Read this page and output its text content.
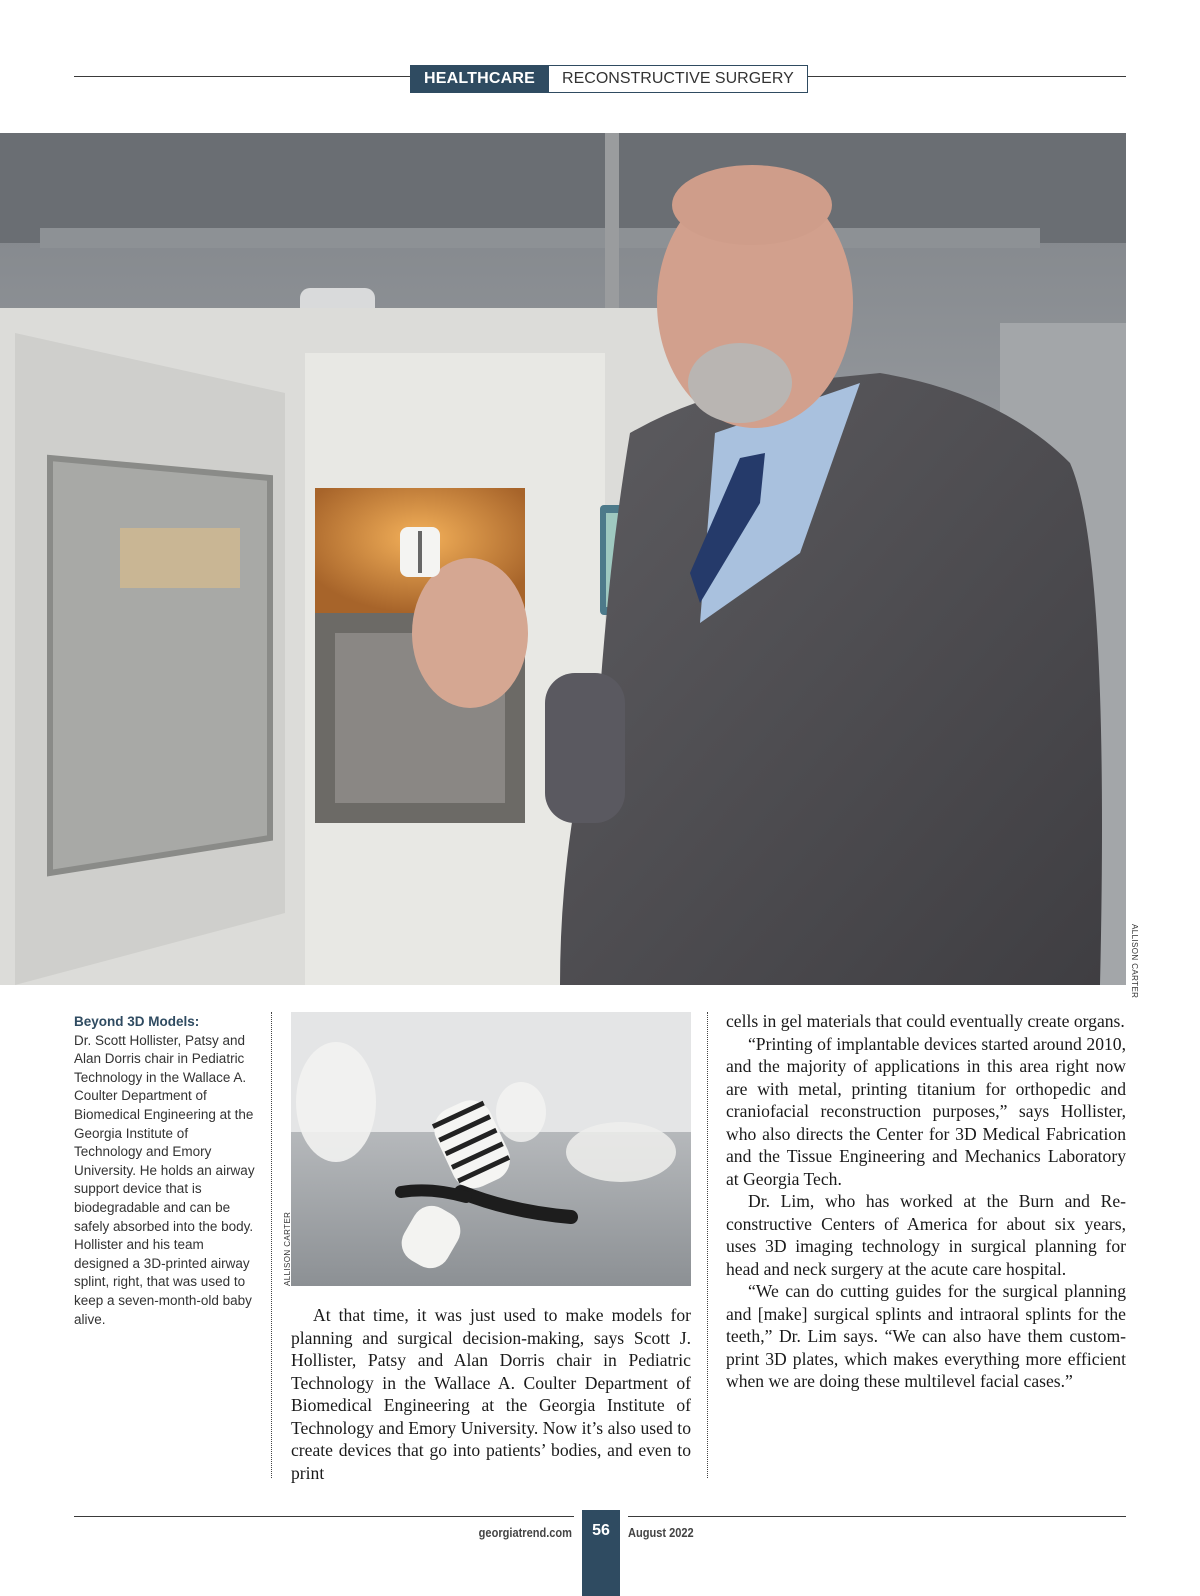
HEALTHCARE	RECONSTRUCTIVE SURGERY
ALLISON CARTER
Beyond 3D Models:
Dr. Scott Hollister, Patsy and Alan Dorris chair in Pediatric Technology in the Wallace A. Coulter Department of Biomedical Engineering at the Georgia Institute of Technology and Emory University. He holds an airway support device that is biodegradable and can be safely absorbed into the body. Hollister and his team designed a 3D-printed airway splint, right, that was used to keep a seven-month-old baby alive.
ALLISON CARTER

At that time, it was just used to make models for planning and surgical decision-making, says Scott J. Hollister, Patsy and Alan Dorris chair in Pediatric Technology in the Wallace A. Coulter Department of Biomedical Engineering at the Georgia Institute of Technology and Emory University. Now it’s also used to create devices that go into patients’ bodies, and even to print

cells in gel materials that could eventually create organs.

“Printing of implantable devices started around 2010, and the majority of applications in this area right now are with metal, printing titanium for orthopedic and craniofacial reconstruction purposes,” says Hollister, who also directs the Center for 3D Medical Fabrication and the Tissue Engineering and Mechanics Laboratory at Georgia Tech.

Dr. Lim, who has worked at the Burn and Reconstructive Centers of America for about six years, uses 3D imaging technology in surgical planning for head and neck surgery at the acute care hospital.

“We can do cutting guides for the surgical planning and [make] surgical splints and intraoral splints for the teeth,” Dr. Lim says. “We can also have them custom-print 3D plates, which makes everything more efficient when we are doing these multilevel facial cases.”

georgiatrend.com	56	August 2022
